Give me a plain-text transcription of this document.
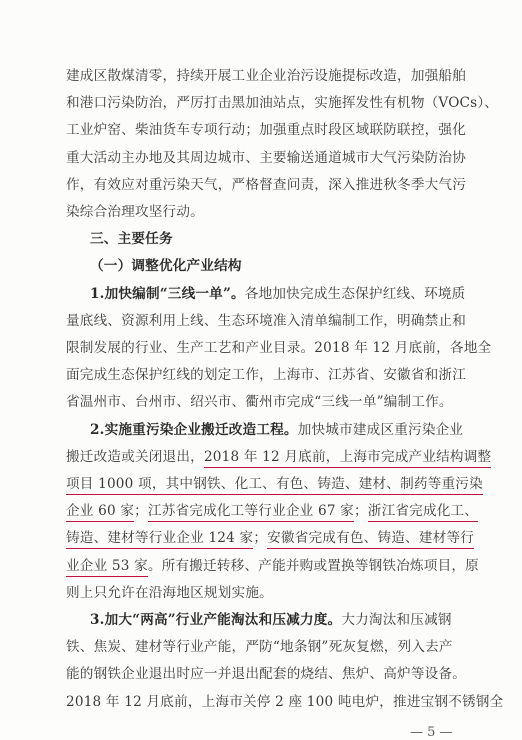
建成区散煤清零，持续开展工业企业治污设施提标改造，加强船舶
和港口污染防治，严厉打击黑加油站点，实施挥发性有机物（VOCs）、
工业炉窑、柴油货车专项行动；加强重点时段区域联防联控，强化
重大活动主办地及其周边城市、主要输送通道城市大气污染防治协
作，有效应对重污染天气，严格督查问责，深入推进秋冬季大气污
染综合治理攻坚行动。
三、主要任务
（一）调整优化产业结构
1.加快编制“三线一单”。各地加快完成生态保护红线、环境质
量底线、资源利用上线、生态环境准入清单编制工作，明确禁止和
限制发展的行业、生产工艺和产业目录。2018 年 12 月底前，各地全
面完成生态保护红线的划定工作，上海市、江苏省、安徽省和浙江
省温州市、台州市、绍兴市、衢州市完成“三线一单”编制工作。
2.实施重污染企业搬迁改造工程。加快城市建成区重污染企业
搬迁改造或关闭退出，2018 年 12 月底前，上海市完成产业结构调整
项目 1000 项，其中钢铁、化工、有色、铸造、建材、制药等重污染
企业 60 家；江苏省完成化工等行业企业 67 家；浙江省完成化工、
铸造、建材等行业企业 124 家；安徽省完成有色、铸造、建材等行
业企业 53 家。所有搬迁转移、产能并购或置换等钢铁冶炼项目，原
则上只允许在沿海地区规划实施。
— 5 —
3.加大“两高”行业产能淘汰和压减力度。大力淘汰和压减钢
铁、焦炭、建材等行业产能，严防“地条钢”死灰复燃，列入去产
能的钢铁企业退出时应一并退出配套的烧结、焦炉、高炉等设备。
2018 年 12 月底前，上海市关停 2 座 100 吨电炉，推进宝钢不锈钢全
